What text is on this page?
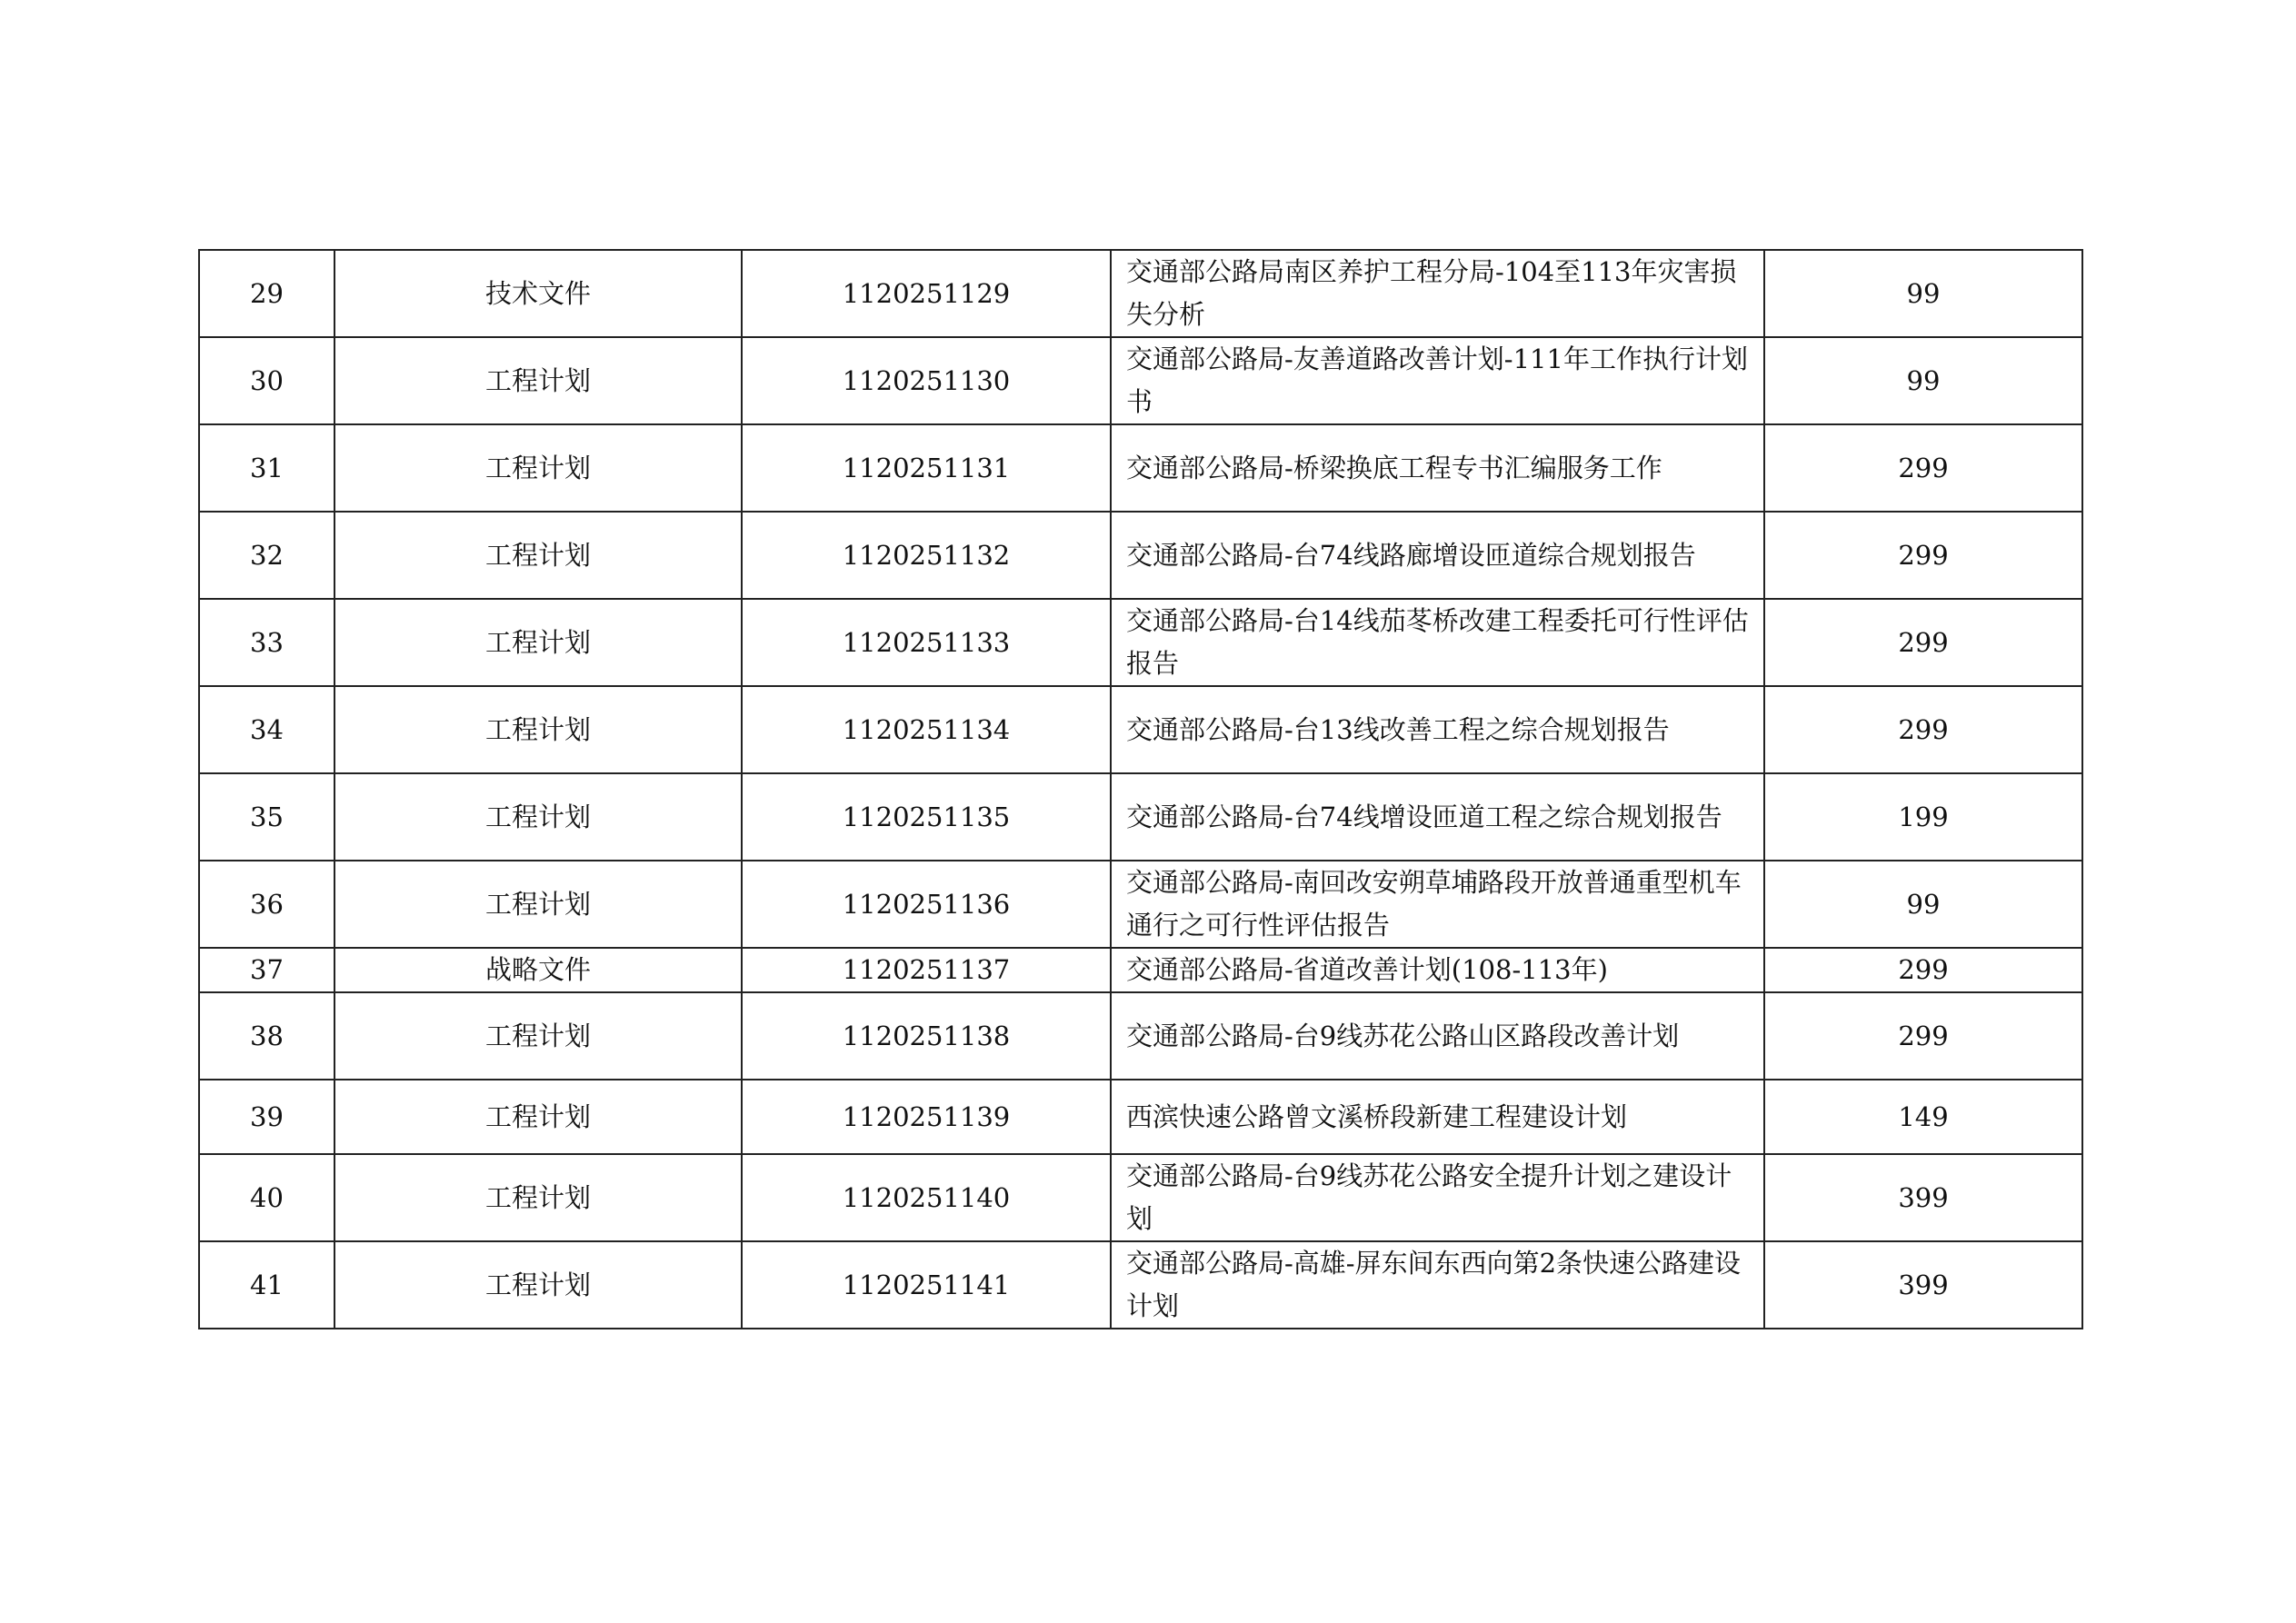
29	技术文件	1120251129	交通部公路局南区养护工程分局-104至113年灾害损失分析	99
30	工程计划	1120251130	交通部公路局-友善道路改善计划-111年工作执行计划书	99
31	工程计划	1120251131	交通部公路局-桥梁换底工程专书汇编服务工作	299
32	工程计划	1120251132	交通部公路局-台74线路廊增设匝道综合规划报告	299
33	工程计划	1120251133	交通部公路局-台14线茄苳桥改建工程委托可行性评估报告	299
34	工程计划	1120251134	交通部公路局-台13线改善工程之综合规划报告	299
35	工程计划	1120251135	交通部公路局-台74线增设匝道工程之综合规划报告	199
36	工程计划	1120251136	交通部公路局-南回改安朔草埔路段开放普通重型机车通行之可行性评估报告	99
37	战略文件	1120251137	交通部公路局-省道改善计划(108-113年)	299
38	工程计划	1120251138	交通部公路局-台9线苏花公路山区路段改善计划	299
39	工程计划	1120251139	西滨快速公路曾文溪桥段新建工程建设计划	149
40	工程计划	1120251140	交通部公路局-台9线苏花公路安全提升计划之建设计划	399
41	工程计划	1120251141	交通部公路局-高雄-屏东间东西向第2条快速公路建设计划	399
